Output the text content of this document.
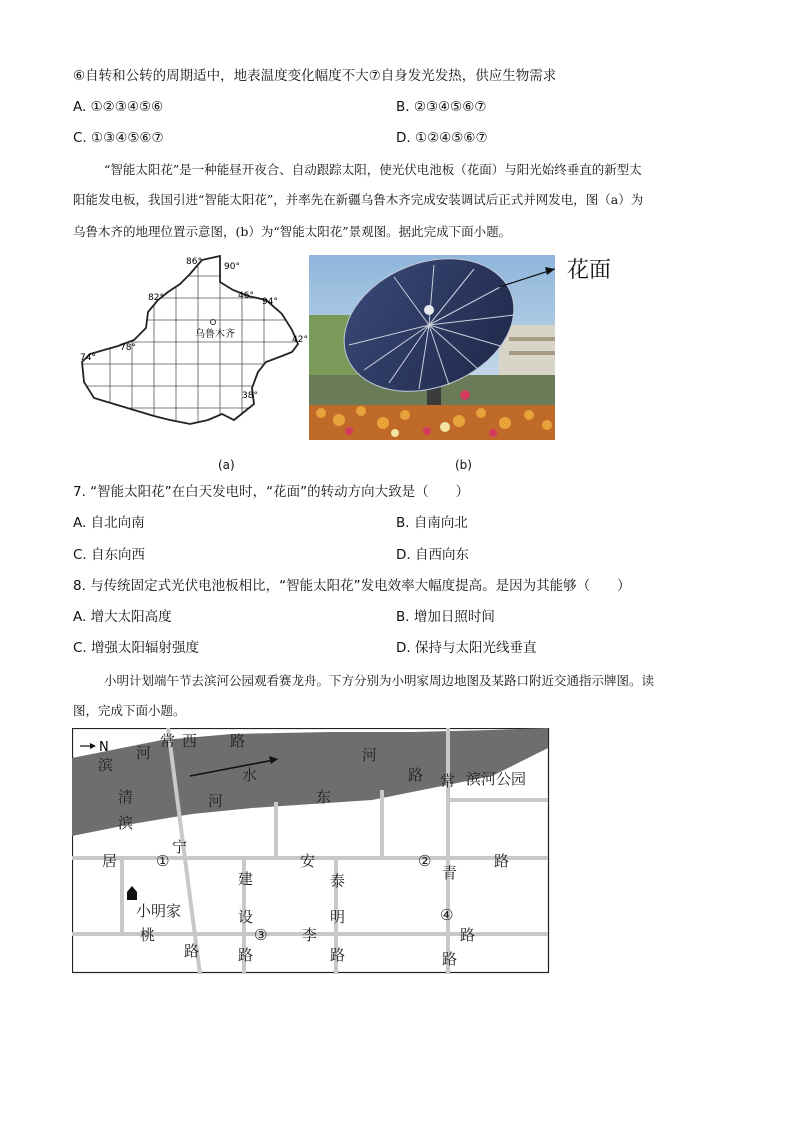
⑥自转和公转的周期适中，地表温度变化幅度不大⑦自身发光发热，供应生物需求
A. ①②③④⑤⑥	B. ②③④⑤⑥⑦
C. ①③④⑤⑥⑦	D. ①②④⑤⑥⑦
“智能太阳花”是一种能昼开夜合、自动跟踪太阳，使光伏电池板（花面）与阳光始终垂直的新型太
阳能发电板，我国引进“智能太阳花”，并率先在新疆乌鲁木齐完成安装调试后正式并网发电，图（a）为
乌鲁木齐的地理位置示意图，(b）为“智能太阳花”景观图。据此完成下面小题。
乌鲁木齐
86° 90°
82°	46°
94°
42°
78°
74°
38°
(a)
花面
(b)
7. “智能太阳花”在白天发电时，“花面”的转动方向大致是（　　）
A. 自北向南	B. 自南向北
C. 自东向西	D. 自西向东
8. 与传统固定式光伏电池板相比，“智能太阳花”发电效率大幅度提高。是因为其能够（　　）
A. 增大太阳高度	B. 增加日照时间
C. 增强太阳辐射强度	D. 保持与太阳光线垂直
小明计划端午节去滨河公园观看赛龙舟。下方分别为小明家周边地图及某路口附近交通指示牌图。读
图，完成下面小题。
N
滨
河
常 西 路
水
河
路 常 滨河公园
清	河	东
滨
宁
居	①	安	②	路
青
建	泰
小明家	设	明	④
桃	③ 李	路
路	路	路	路
